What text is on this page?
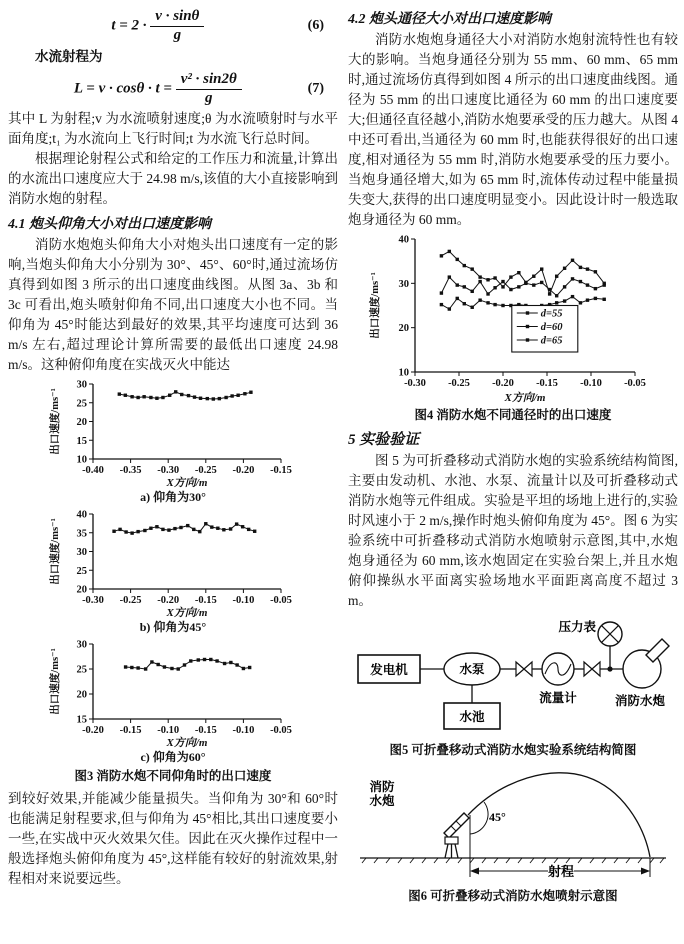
$t = 2 \cdot \frac{v \cdot \sin\theta}{g}$	(6)

水流射程为

$L = v \cdot \cos\theta \cdot t = \frac{\text{v² · sin2θ}}{g}$	(7)

其中 L 为射程;v 为水流喷射速度;θ 为水流喷射时与水平面角度;t₁ 为水流向上飞行时间;t 为水流飞行总时间。

根据理论射程公式和给定的工作压力和流量,计算出的水流出口速度应大于 24.98 m/s,该值的大小直接影响到消防水炮的射程。

4.1 炮头仰角大小对出口速度影响

消防水炮炮头仰角大小对炮头出口速度有一定的影响,当炮头仰角大小分别为 30°、45°、60°时,通过流场仿真得到如图 3 所示的出口速度曲线图。从图 3a、3b 和 3c 可看出,炮头喷射仰角不同,出口速度大小也不同。当仰角为 45°时能达到最好的效果,其平均速度可达到 36 m/s 左右,超过理论计算所需要的最低出口速度 24.98 m/s。这种俯仰角度在实战灭火中能达

10
15
20
25
30
-0.40 -0.35 -0.30 -0.25 -0.20 -0.15
X方向/m
出口速度/ms⁻¹
a) 仰角为30°
20
25
30
35
40
-0.30 -0.25 -0.20 -0.15 -0.10 -0.05
X方向/m
出口速度/ms⁻¹
b) 仰角为45°
15
20
25
30
-0.20 -0.15 -0.10 -0.15 -0.10 -0.05
X方向/m
出口速度/ms⁻¹
c) 仰角为60°
图3 消防水炮不同仰角时的出口速度

到较好效果,并能减少能量损失。当仰角为 30°和 60°时也能满足射程要求,但与仰角为 45°相比,其出口速度要小一些,在实战中灭火效果欠佳。因此在灭火操作过程中一般选择炮头俯仰角度为 45°,这样能有较好的射流效果,射程相对来说要远些。

4.2 炮头通径大小对出口速度影响

消防水炮炮身通径大小对消防水炮射流特性也有较大的影响。当炮身通径分别为 55 mm、60 mm、65 mm 时,通过流场仿真得到如图 4 所示的出口速度曲线图。通径为 55 mm 的出口速度比通径为 60 mm 的出口速度要大;但通径直径越小,消防水炮要承受的压力越大。从图 4 中还可看出,当通径为 60 mm 时,也能获得很好的出口速度,相对通径为 55 mm 时,消防水炮要承受的压力要小。当炮身通径增大,如为 65 mm 时,流体传动过程中能量损失变大,获得的出口速度明显变小。因此设计时一般选取炮身通径为 60 mm。

10
20
30
40
-0.30 -0.25 -0.20 -0.15 -0.10 -0.05
X方向/m
出口速度/ms⁻¹	d=55
d=60
d=65
图4 消防水炮不同通径时的出口速度
5 实验验证

图 5 为可折叠移动式消防水炮的实验系统结构简图,主要由发动机、水池、水泵、流量计以及可折叠移动式消防水炮等元件组成。实验是平坦的场地上进行的,实验时风速小于 2 m/s,操作时炮头俯仰角度为 45°。图 6 为实验系统中可折叠移动式消防水炮喷射示意图,其中,水炮炮身通径为 60 mm,该水炮固定在实验台架上,并且水炮俯仰操纵水平面离实验场地水平面距离高度不超过 3 m。

发电机	水泵
水池
流量计
压力表
消防水炮
图5 可折叠移动式消防水炮实验系统结构简图
消防
水炮
45°
射程
图6 可折叠移动式消防水炮喷射示意图
